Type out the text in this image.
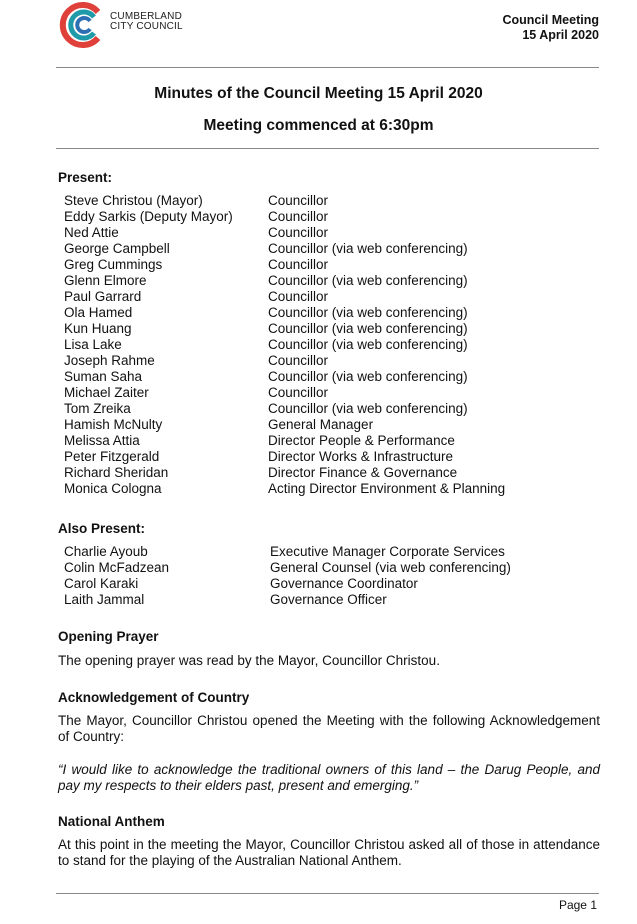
CUMBERLAND
CITY COUNCIL	Council Meeting
15 April 2020
Minutes of the Council Meeting 15 April 2020
Meeting commenced at 6:30pm
Present:
Steve Christou (Mayor)	Councillor
Eddy Sarkis (Deputy Mayor)	Councillor
Ned Attie	Councillor
George Campbell	Councillor (via web conferencing)
Greg Cummings	Councillor
Glenn Elmore	Councillor (via web conferencing)
Paul Garrard	Councillor
Ola Hamed	Councillor (via web conferencing)
Kun Huang	Councillor (via web conferencing)
Lisa Lake	Councillor (via web conferencing)
Joseph Rahme	Councillor
Suman Saha	Councillor (via web conferencing)
Michael Zaiter	Councillor
Tom Zreika	Councillor (via web conferencing)
Hamish McNulty	General Manager
Melissa Attia	Director People & Performance
Peter Fitzgerald	Director Works & Infrastructure
Richard Sheridan	Director Finance & Governance
Monica Cologna	Acting Director Environment & Planning
Also Present:
Charlie Ayoub	Executive Manager Corporate Services
Colin McFadzean	General Counsel (via web conferencing)
Carol Karaki	Governance Coordinator
Laith Jammal	Governance Officer
Opening Prayer

The opening prayer was read by the Mayor, Councillor Christou.

Acknowledgement of Country

The Mayor, Councillor Christou opened the Meeting with the following Acknowledgement of Country:

“I would like to acknowledge the traditional owners of this land – the Darug People, and pay my respects to their elders past, present and emerging.”

National Anthem

At this point in the meeting the Mayor, Councillor Christou asked all of those in attendance to stand for the playing of the Australian National Anthem.

Page 1
